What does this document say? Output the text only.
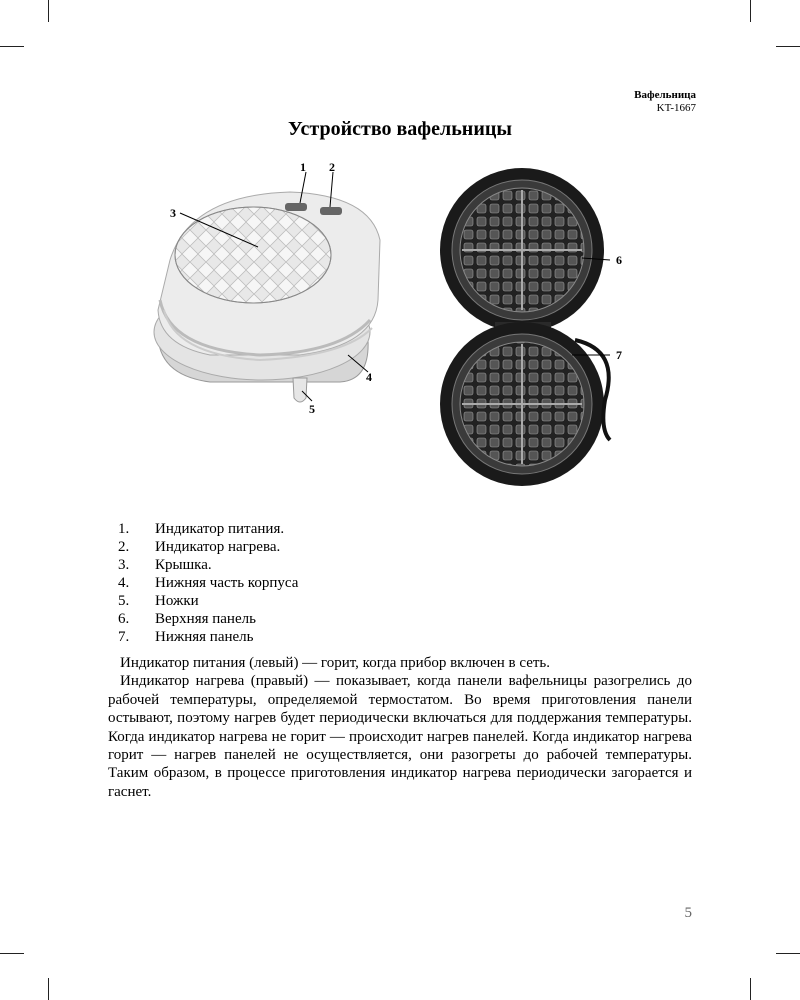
Вафельница
KT-1667
Устройство вафельницы
1 2
3
4
5
6
7
1.	Индикатор питания.
2.	Индикатор нагрева.
3.	Крышка.
4.	Нижняя часть корпуса
5.	Ножки
6.	Верхняя панель
7.	Нижняя панель

Индикатор питания (левый) — горит, когда прибор включен в сеть.

Индикатор нагрева (правый) — показывает, когда панели вафельницы разогрелись до рабочей температуры, определяемой термостатом. Во время приготовления панели остывают, поэтому нагрев будет периодически включаться для поддержания температуры. Когда индикатор нагрева не горит — происходит нагрев панелей. Когда индикатор нагрева горит — нагрев панелей не осуществляется, они разогреты до рабочей температуры. Таким образом, в процессе приготовления индикатор нагрева периодически загорается и гаснет.

5
